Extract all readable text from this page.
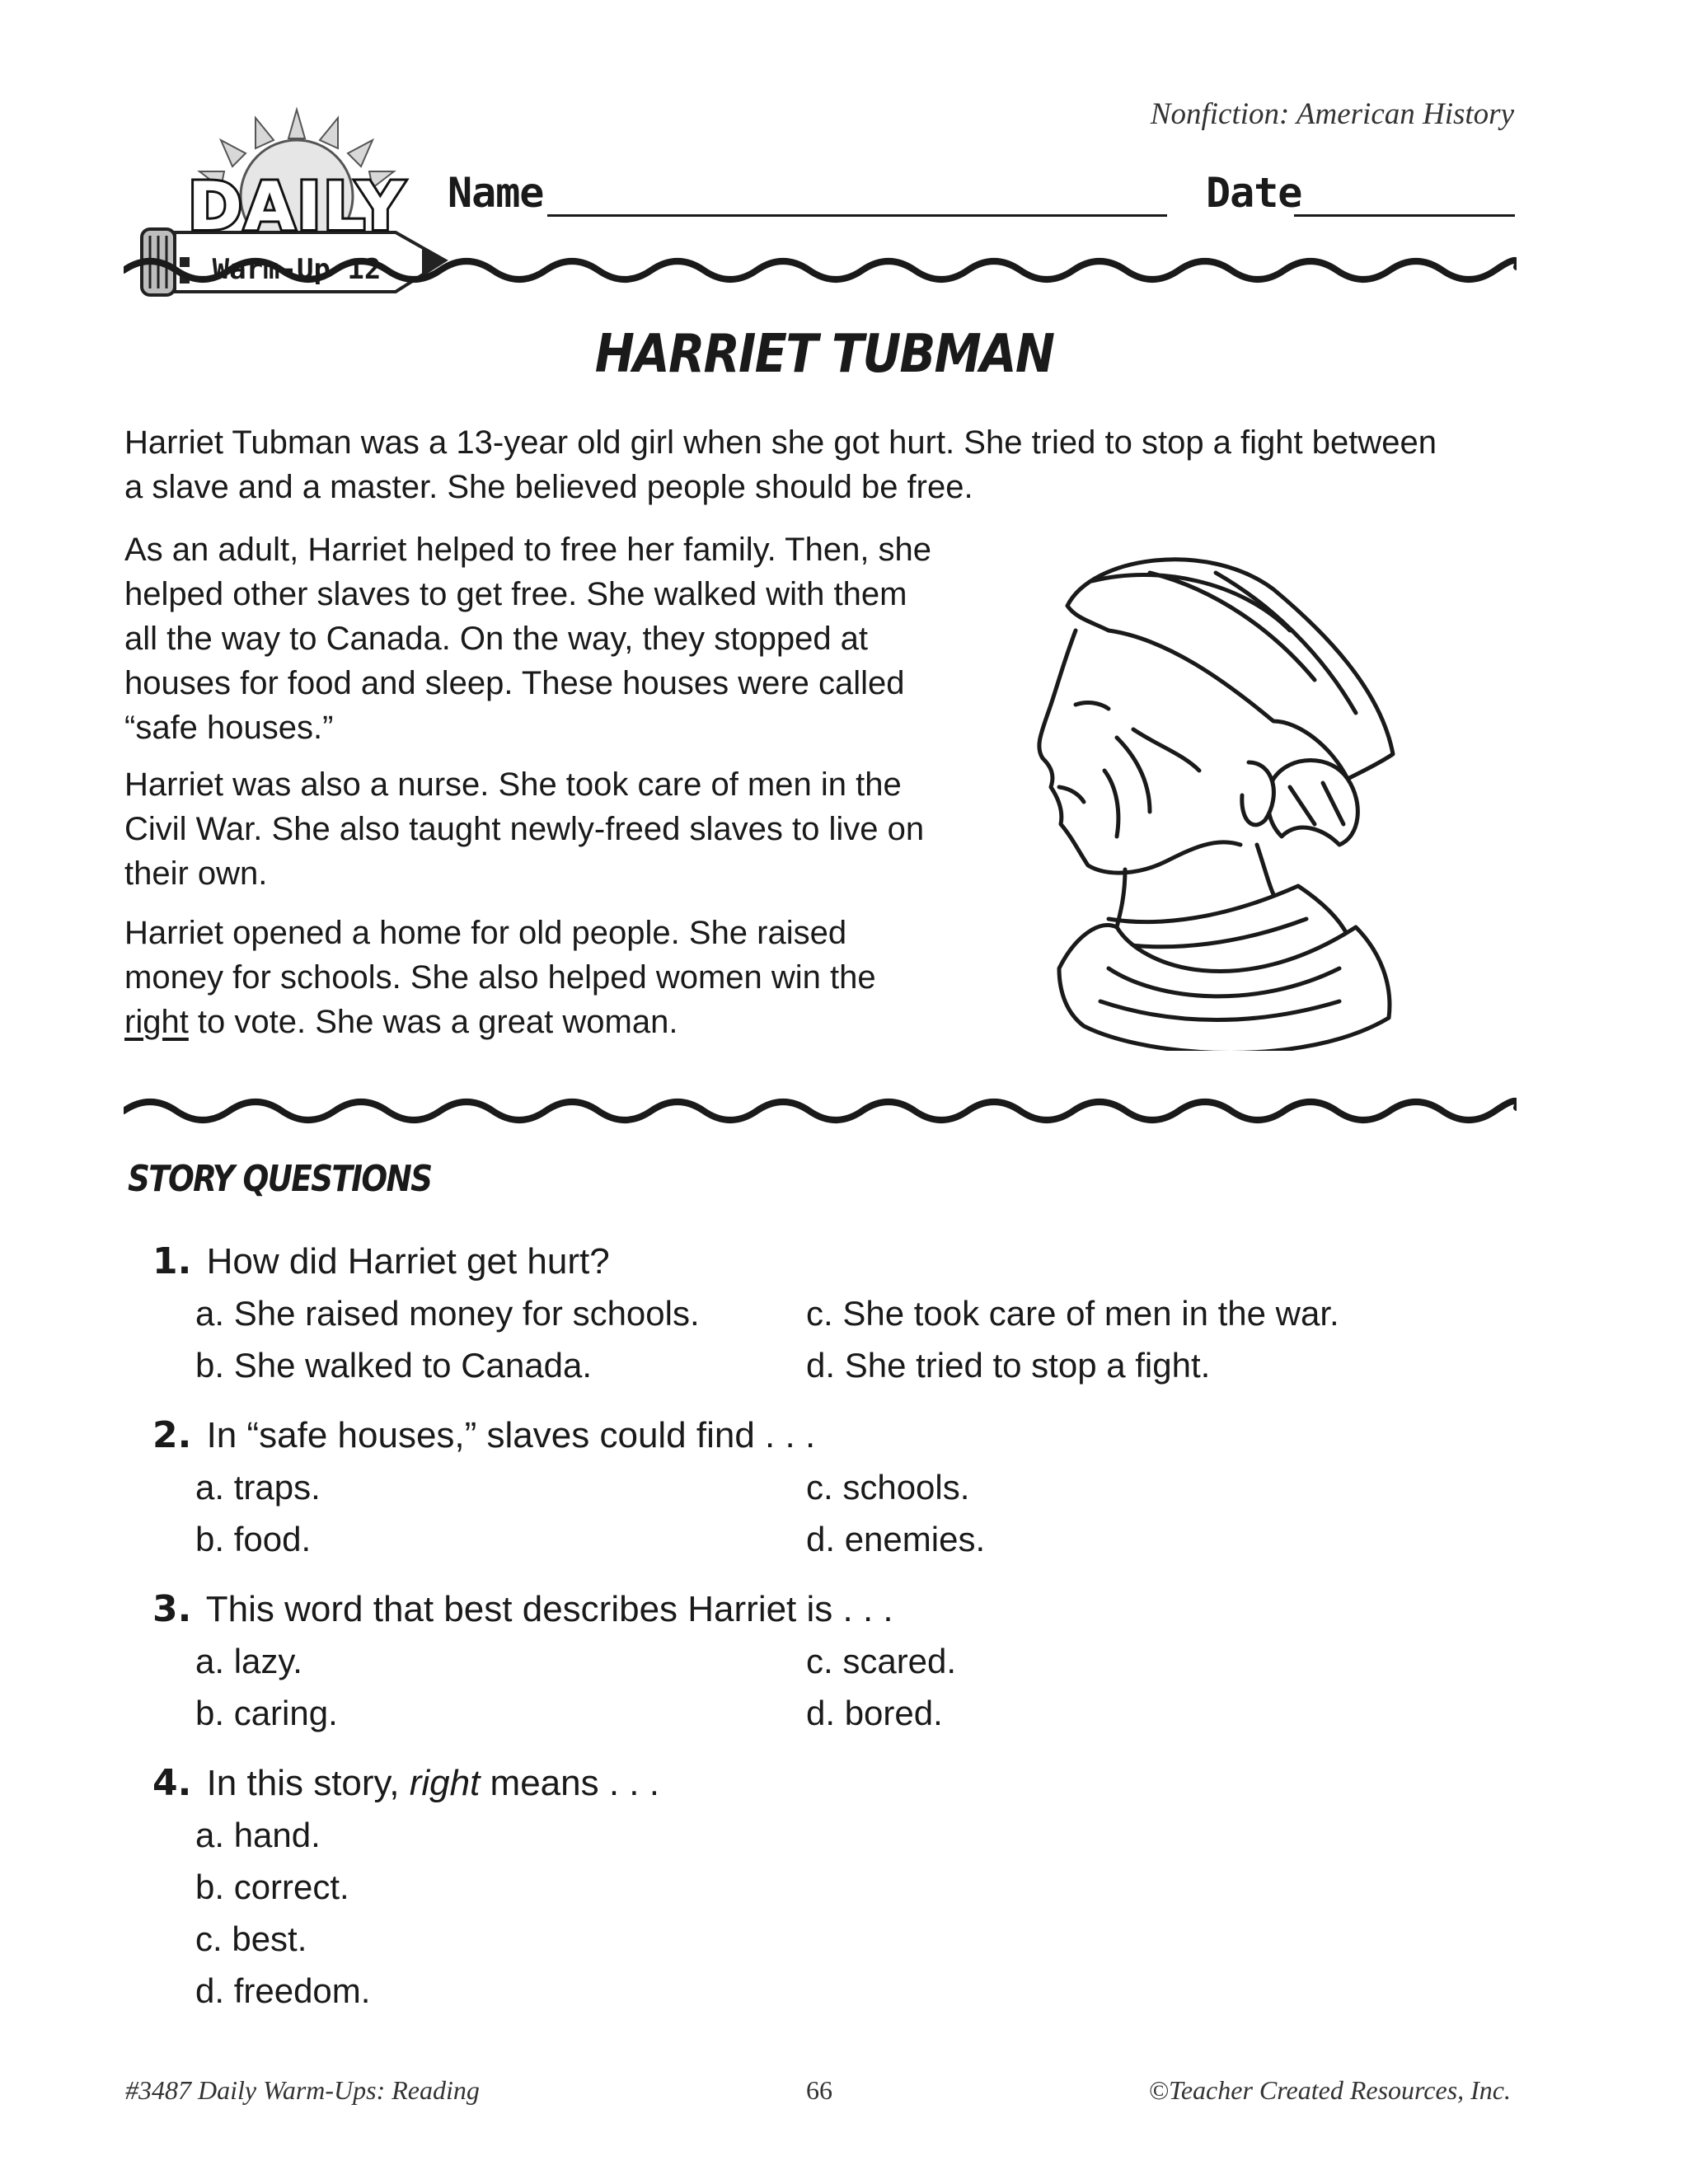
Nonfiction: American History
DAILY
Warm-Up 12
Name	Date
HARRIET TUBMAN
Harriet Tubman was a 13-year old girl when she got hurt. She tried to stop a fight between a slave and a master. She believed people should be free.
As an adult, Harriet helped to free her family. Then, she helped other slaves to get free. She walked with them all the way to Canada. On the way, they stopped at houses for food and sleep. These houses were called “safe houses.”
Harriet was also a nurse. She took care of men in the Civil War. She also taught newly-freed slaves to live on their own.
Harriet opened a home for old people. She raised money for schools. She also helped women win the right to vote. She was a great woman.
STORY QUESTIONS
1. How did Harriet get hurt?
a. She raised money for schools.
b. She walked to Canada.
c. She took care of men in the war.
d. She tried to stop a fight.
2. In “safe houses,” slaves could find . . .
a. traps.
b. food.
c. schools.
d. enemies.
3. This word that best describes Harriet is . . .
a. lazy.
b. caring.
c. scared.
d. bored.
4. In this story, right means . . .
a. hand.
b. correct.
c. best.
d. freedom.
#3487 Daily Warm-Ups: Reading	66	©Teacher Created Resources, Inc.
